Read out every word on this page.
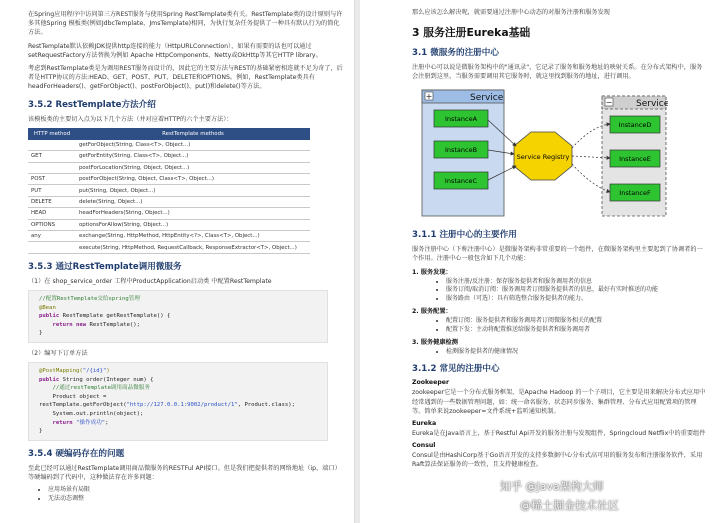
在Spring应用程序中访问第三方REST服务与使用Spring RestTemplate类有关。RestTemplate类的设计原则与许多其他Spring 模板类(例如JdbcTemplate、JmsTemplate)相同，为执行复杂任务提供了一种具有默认行为的简化方法。

RestTemplate默认依赖JDK提供http连接的能力（HttpURLConnection），如果有需要的话也可以通过setRequestFactory方法替换为例如 Apache HttpComponents、Netty或OkHttp等其它HTTP library。

考虑到RestTemplate类是为调用REST服务而设计的，因此它的主要方法与REST的基础紧密相连就不足为奇了，后者是HTTP协议的方法:HEAD、GET、POST、PUT、DELETE和OPTIONS。例如，RestTemplate类具有headForHeaders()、getForObject()、postForObject()、put()和delete()等方法。

3.5.2 RestTemplate方法介绍

该模板类的主要切入点为以下几个方法（并对应着HTTP的六个主要方法）：

HTTP method	RestTemplate methods
	getForObject(String, Class<T>, Object...)
GET	getForEntity(String, Class<T>, Object...)
	postForLocation(String, Object, Object...)
POST	postForObject(String, Object, Class<T>, Object...)
PUT	put(String, Object, Object...)
DELETE	delete(String, Object...)
HEAD	headForHeaders(String, Object...)
OPTIONS	optionsForAllow(String, Object...)
any	exchange(String, HttpMethod, HttpEntity<?>, Class<T>, Object...)
	execute(String, HttpMethod, RequestCallback, ResponseExtractor<T>, Object...)
3.5.3 通过RestTemplate调用微服务

（1）在 shop_service_order 工程中ProductApplication启动类 中配置RestTemplate

//配置RestTemplate交给spring管理
@Bean
public RestTemplate getRestTemplate() {
return new RestTemplate();
}

（2）编写下订单方法

@PostMapping("/{id}")
public String order(Integer num) {
//通过restTemplate调用商品微服务
Product object =
restTemplate.getForObject("http://127.0.0.1:9002/product/1", Product.class);
System.out.println(object);
return "操作成功";
}
3.5.4 硬编码存在的问题

至此已经可以通过RestTemplate调用商品微服务的RESTFul API接口。但是我们把提供者的网络地址（ip，端口）等硬编码到了代码中，这种做法存在许多问题：

• 应用场景有局限
• 无法动态调整

那么应该怎么解决呢，就需要通过注册中心动态的对服务注册和服务发现

3 服务注册Eureka基础
3.1 微服务的注册中心

注册中心可以说是微服务架构中的"通讯录"，它记录了服务和服务地址的映射关系。在分布式架构中，服务会注册到这里，当服务需要调用其它服务时，就这里找到服务的地址，进行调用。

+	Service
InstanceA
InstanceB
InstanceC
−	Service
InstanceD
InstanceE
InstanceF
Service Registry
3.1.1 注册中心的主要作用

服务注册中心（下称注册中心）是微服务架构非常重要的一个组件，在微服务架构里主要起到了协调者的一个作用。注册中心一般包含如下几个功能：

1. 服务发现：
• 服务注册/反注册：保存服务提供者和服务调用者的信息
• 服务订阅/取消订阅：服务调用者订阅服务提供者的信息，最好有实时推送的功能
• 服务路由（可选）：具有筛选整合服务提供者的能力。
2. 服务配置：
• 配置订阅：服务提供者和服务调用者订阅微服务相关的配置
• 配置下发：主动将配置推送给服务提供者和服务调用者
3. 服务健康检测
• 检测服务提供者的健康情况
3.1.2 常见的注册中心
Zookeeper

zookeeper它是一个分布式服务框架，是Apache Hadoop 的一个子项目，它主要是用来解决分布式应用中经常遇到的一些数据管理问题，如：统一命名服务、状态同步服务、集群管理、分布式应用配置项的管理等。简单来说zookeeper=文件系统+监听通知机制。

Eureka

Eureka是在Java语言上，基于Restful Api开发的服务注册与发现组件，Springcloud Netflix中的重要组件

Consul

Consul是由HashiCorp基于Go语言开发的支持多数据中心分布式高可用的服务发布和注册服务软件，采用Raft算法保证服务的一致性，且支持健康检查。

知乎 @Java架构大师
@稀土掘金技术社区
